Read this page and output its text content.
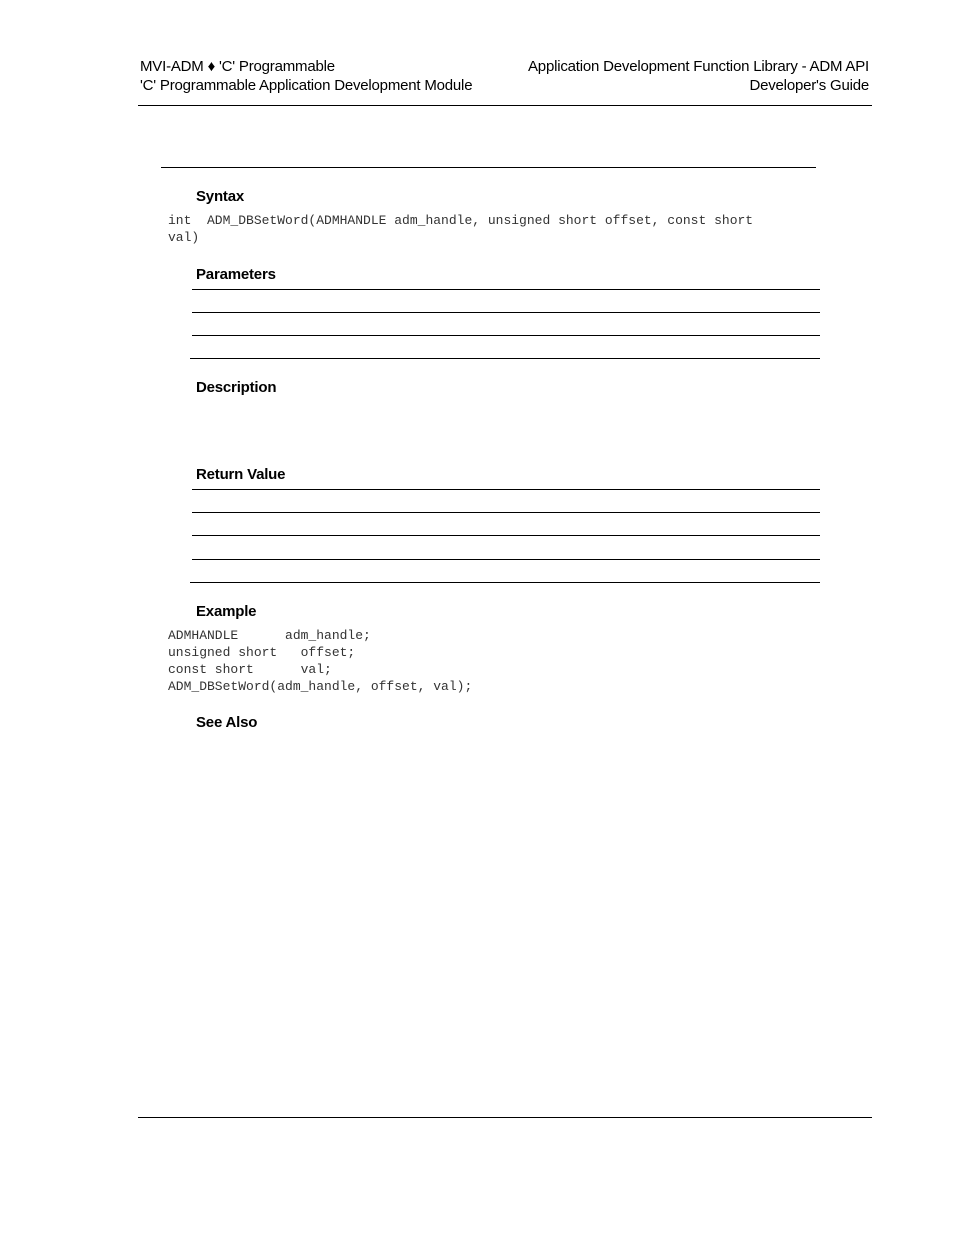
MVI-ADM ♦ 'C' Programmable
'C' Programmable Application Development Module
Application Development Function Library - ADM API
Developer's Guide
Syntax
int  ADM_DBSetWord(ADMHANDLE adm_handle, unsigned short offset, const short
val)
Parameters
Description
Return Value
Example
ADMHANDLE      adm_handle;
unsigned short   offset;
const short      val;
ADM_DBSetWord(adm_handle, offset, val);
See Also
